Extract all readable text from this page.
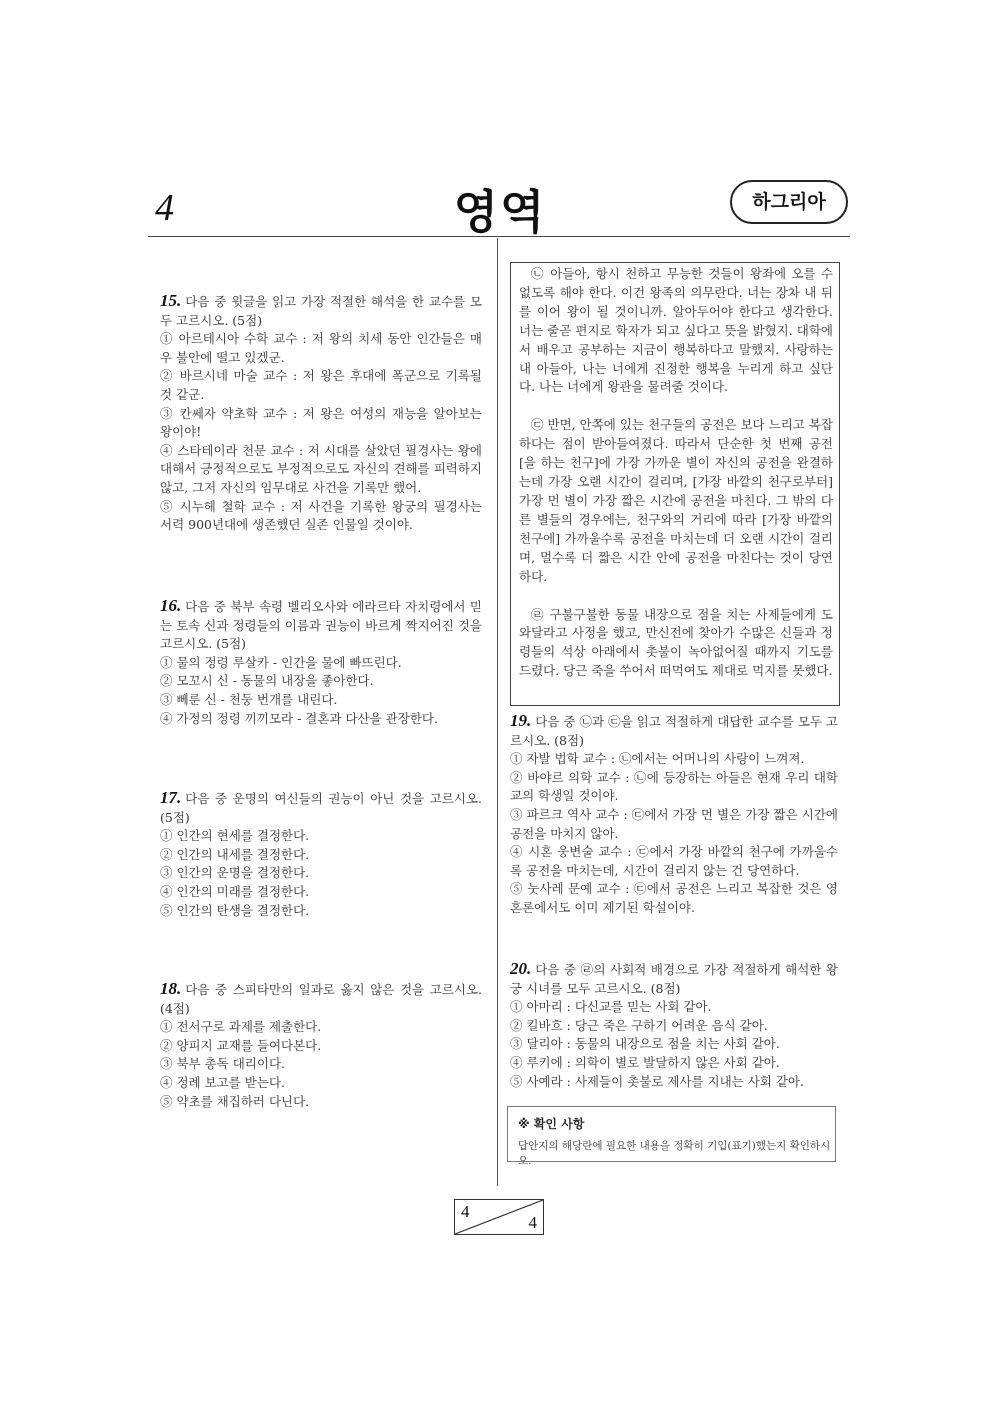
4	영역	하그리아

15. 다음 중 윗글을 읽고 가장 적절한 해석을 한 교수를 모두 고르시오. (5점)

① 아르테시아 수학 교수 : 저 왕의 치세 동안 인간들은 매우 불안에 떨고 있겠군.

② 바르시네 마술 교수 : 저 왕은 후대에 폭군으로 기록될 것 같군.

③ 칸쎄자 약초학 교수 : 저 왕은 여성의 재능을 알아보는 왕이야!

④ 스타테이라 천문 교수 : 저 시대를 살았던 필경사는 왕에 대해서 긍정적으로도 부정적으로도 자신의 견해를 피력하지 않고, 그저 자신의 임무대로 사건을 기록만 했어.

⑤ 시누헤 철학 교수 : 저 사건을 기록한 왕궁의 필경사는 서력 900년대에 생존했던 실존 인물일 것이야.

16. 다음 중 북부 속령 벨리오사와 에라르타 자치령에서 믿는 토속 신과 정령들의 이름과 권능이 바르게 짝지어진 것을 고르시오. (5점)

① 물의 정령 루살카 - 인간을 물에 빠뜨린다.

② 모꼬시 신 - 동물의 내장을 좋아한다.

③ 뻬룬 신 - 천둥 번개를 내린다.

④ 가정의 정령 끼끼모라 - 결혼과 다산을 관장한다.

17. 다음 중 운명의 여신들의 권능이 아닌 것을 고르시오. (5점)

① 인간의 현세를 결정한다.

② 인간의 내세를 결정한다.

③ 인간의 운명을 결정한다.

④ 인간의 미래를 결정한다.

⑤ 인간의 탄생을 결정한다.

18. 다음 중 스피타만의 일과로 옳지 않은 것을 고르시오. (4점)

① 전서구로 과제를 제출한다.

② 양피지 교재를 들여다본다.

③ 북부 총독 대리이다.

④ 정례 보고를 받는다.

⑤ 약초를 채집하러 다닌다.

㉡ 아들아, 항시 천하고 무능한 것들이 왕좌에 오를 수 없도록 해야 한다. 이건 왕족의 의무란다. 너는 장차 내 뒤를 이어 왕이 될 것이니까. 알아두어야 한다고 생각한다. 너는 줄곧 편지로 학자가 되고 싶다고 뜻을 밝혔지. 대학에서 배우고 공부하는 지금이 행복하다고 말했지. 사랑하는 내 아들아, 나는 너에게 진정한 행복을 누리게 하고 싶단다. 나는 너에게 왕관을 물려줄 것이다.

㉢ 반면, 안쪽에 있는 천구들의 공전은 보다 느리고 복잡하다는 점이 받아들여졌다. 따라서 단순한 첫 번째 공전[을 하는 천구]에 가장 가까운 별이 자신의 공전을 완결하는데 가장 오랜 시간이 걸리며, [가장 바깥의 천구로부터] 가장 먼 별이 가장 짧은 시간에 공전을 마친다. 그 밖의 다른 별들의 경우에는, 천구와의 거리에 따라 [가장 바깥의 천구에] 가까울수록 공전을 마치는데 더 오랜 시간이 걸리며, 멀수록 더 짧은 시간 안에 공전을 마친다는 것이 당연하다.

㉣ 구불구불한 동물 내장으로 점을 치는 사제들에게 도와달라고 사정을 했고, 만신전에 찾아가 수많은 신들과 정령들의 석상 아래에서 촛불이 녹아없어질 때까지 기도를 드렸다. 당근 죽을 쑤어서 떠먹여도 제대로 먹지를 못했다.

19. 다음 중 ㉡과 ㉢을 읽고 적절하게 대답한 교수를 모두 고르시오. (8점)

① 자발 법학 교수 : ㉡에서는 어머니의 사랑이 느껴져.

② 바야르 의학 교수 : ㉡에 등장하는 아들은 현재 우리 대학교의 학생일 것이야.

③ 파르크 역사 교수 : ㉢에서 가장 먼 별은 가장 짧은 시간에 공전을 마치지 않아.

④ 시혼 웅변술 교수 : ㉢에서 가장 바깥의 천구에 가까울수록 공전을 마치는데, 시간이 걸리지 않는 건 당연하다.

⑤ 눗사레 문예 교수 : ㉢에서 공전은 느리고 복잡한 것은 영혼론에서도 이미 제기된 학설이야.

20. 다음 중 ㉣의 사회적 배경으로 가장 적절하게 해석한 왕궁 시녀를 모두 고르시오. (8점)

① 아마리 : 다신교를 믿는 사회 같아.

② 킬바흐 : 당근 죽은 구하기 어려운 음식 같아.

③ 달리아 : 동물의 내장으로 점을 치는 사회 같아.

④ 루키에 : 의학이 별로 발달하지 않은 사회 같아.

⑤ 사예라 : 사제들이 촛불로 제사를 지내는 사회 같아.

※ 확인 사항
답안지의 해당란에 필요한 내용을 정확히 기입(표기)했는지 확인하시오.
4
4
